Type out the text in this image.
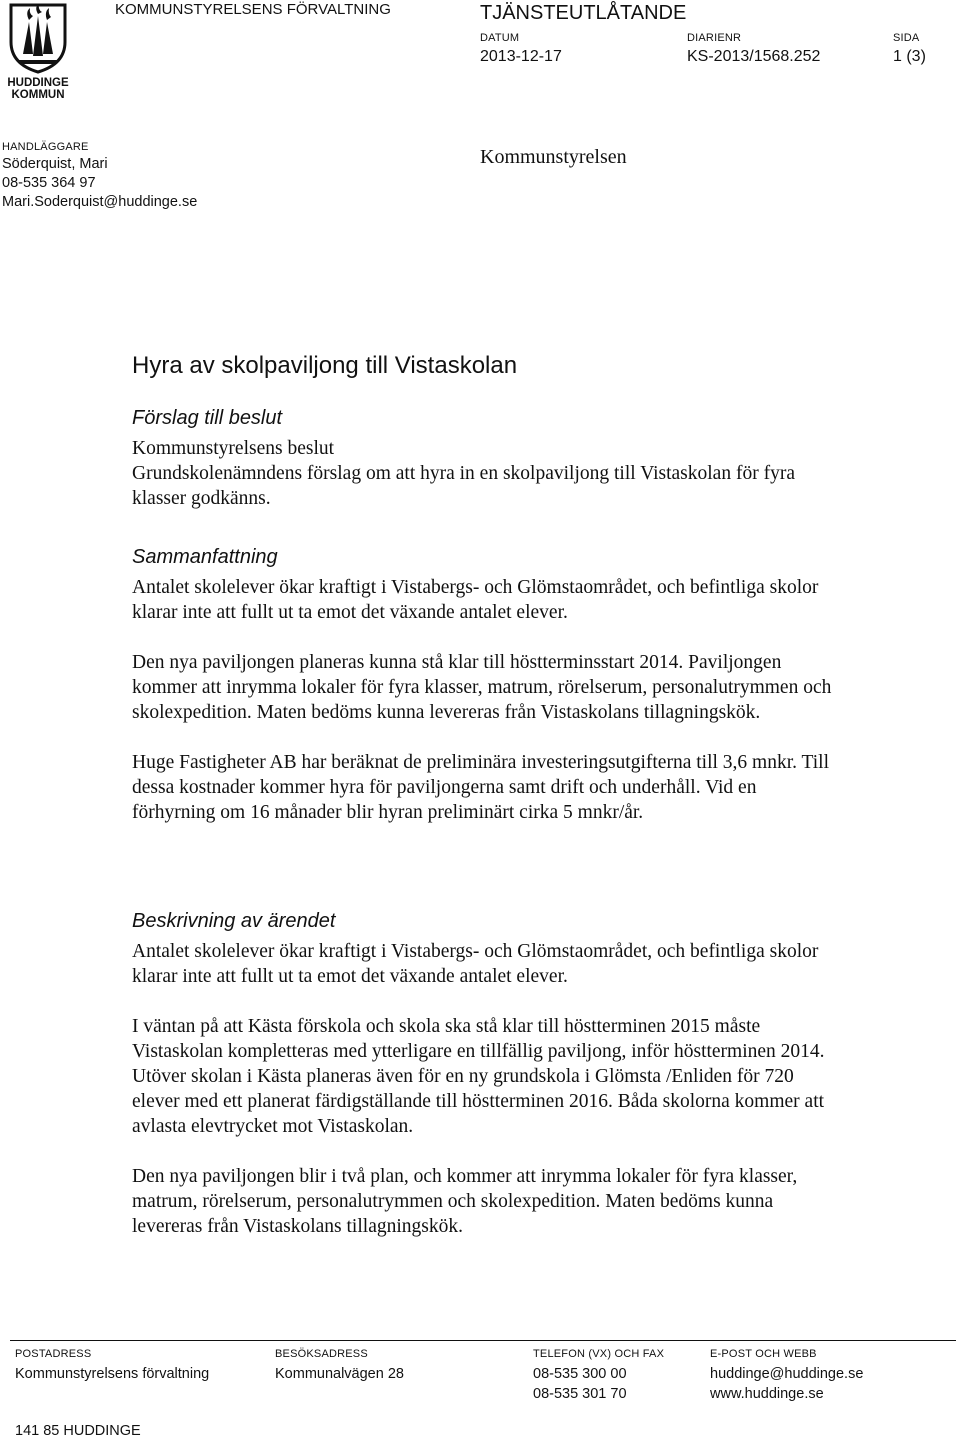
HUDDINGE
KOMMUN
KOMMUNSTYRELSENS FÖRVALTNING	TJÄNSTEUTLÅTANDE
DATUM
2013-12-17
DIARIENR
KS-2013/1568.252
SIDA
1 (3)
HANDLÄGGARE
Söderquist, Mari
08-535 364 97
Mari.Soderquist@huddinge.se
Kommunstyrelsen
Hyra av skolpaviljong till Vistaskolan
Förslag till beslut

Kommunstyrelsens beslut

Grundskolenämndens förslag om att hyra in en skolpaviljong till Vistaskolan för fyra klasser godkänns.

Sammanfattning

Antalet skolelever ökar kraftigt i Vistabergs- och Glömstaområdet, och befintliga skolor klarar inte att fullt ut ta emot det växande antalet elever.

Den nya paviljongen planeras kunna stå klar till höstterminsstart 2014. Paviljongen kommer att inrymma lokaler för fyra klasser, matrum, rörelserum, personalutrymmen och skolexpedition. Maten bedöms kunna levereras från Vistaskolans tillagningskök.

Huge Fastigheter AB har beräknat de preliminära investeringsutgifterna till 3,6 mnkr. Till dessa kostnader kommer hyra för paviljongerna samt drift och underhåll. Vid en förhyrning om 16 månader blir hyran preliminärt cirka 5 mnkr/år.

Beskrivning av ärendet

Antalet skolelever ökar kraftigt i Vistabergs- och Glömstaområdet, och befintliga skolor klarar inte att fullt ut ta emot det växande antalet elever.

I väntan på att Kästa förskola och skola ska stå klar till höstterminen 2015 måste Vistaskolan kompletteras med ytterligare en tillfällig paviljong, inför höstterminen 2014. Utöver skolan i Kästa planeras även för en ny grundskola i Glömsta /Enliden för 720 elever med ett planerat färdigställande till höstterminen 2016. Båda skolorna kommer att avlasta elevtrycket mot Vistaskolan.

Den nya paviljongen blir i två plan, och kommer att inrymma lokaler för fyra klasser, matrum, rörelserum, personalutrymmen och skolexpedition. Maten bedöms kunna levereras från Vistaskolans tillagningskök.

POSTADRESS
Kommunstyrelsens förvaltning
141 85 HUDDINGE
BESÖKSADRESS
Kommunalvägen 28
TELEFON (VX) OCH FAX
08-535 300 00
08-535 301 70
E-POST OCH WEBB
huddinge@huddinge.se
www.huddinge.se
